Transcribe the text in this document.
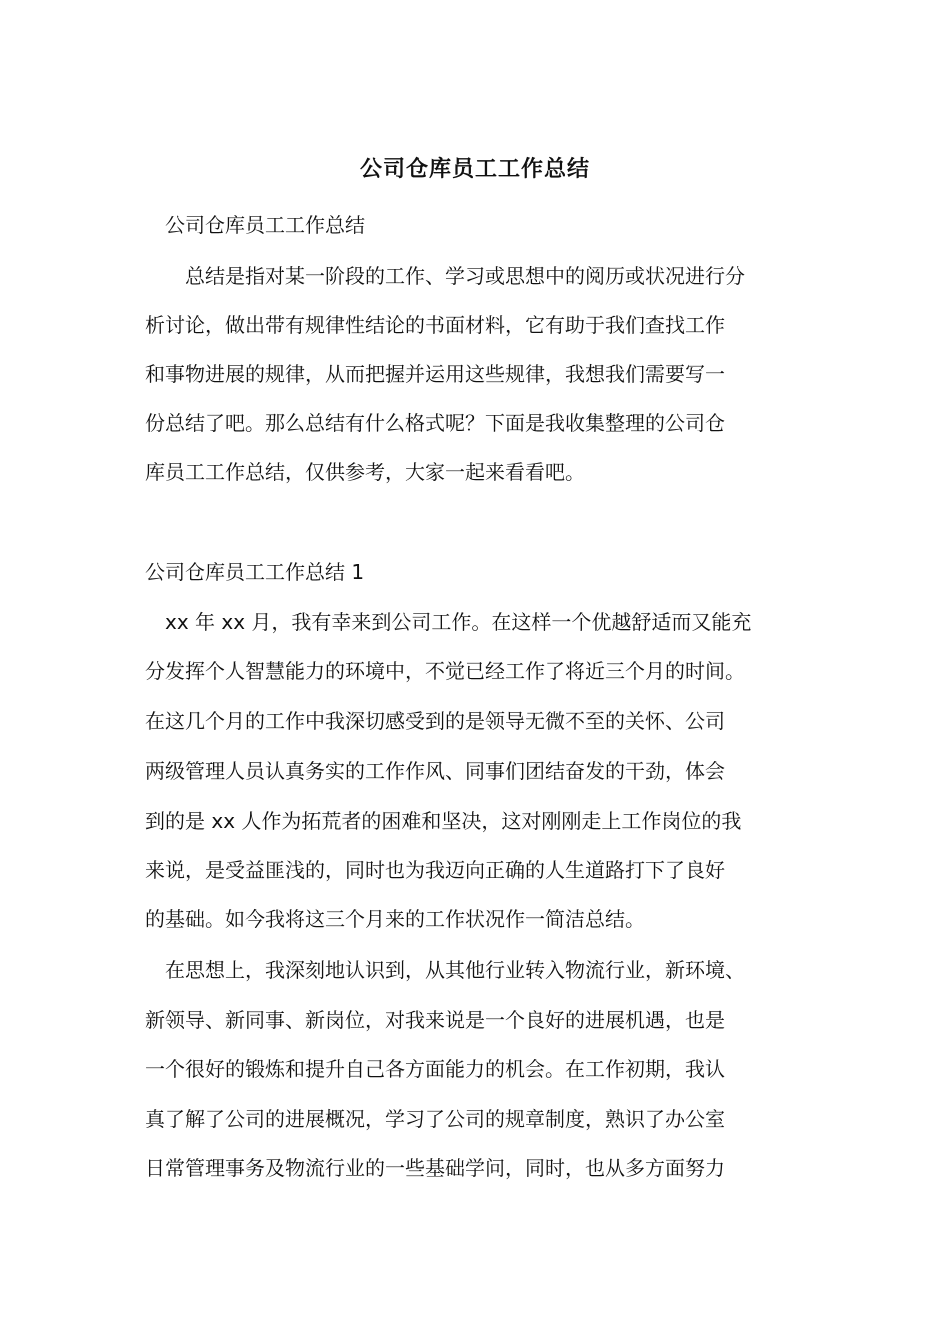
公司仓库员工工作总结
　公司仓库员工工作总结
　　总结是指对某一阶段的工作、学习或思想中的阅历或状况进行分
析讨论，做出带有规律性结论的书面材料，它有助于我们查找工作
和事物进展的规律，从而把握并运用这些规律，我想我们需要写一
份总结了吧。那么总结有什么格式呢？下面是我收集整理的公司仓
库员工工作总结，仅供参考，大家一起来看看吧。
公司仓库员工工作总结 1
　xx 年 xx 月，我有幸来到公司工作。在这样一个优越舒适而又能充
分发挥个人智慧能力的环境中，不觉已经工作了将近三个月的时间。
在这几个月的工作中我深切感受到的是领导无微不至的关怀、公司
两级管理人员认真务实的工作作风、同事们团结奋发的干劲，体会
到的是 xx 人作为拓荒者的困难和坚决，这对刚刚走上工作岗位的我
来说，是受益匪浅的，同时也为我迈向正确的人生道路打下了良好
的基础。如今我将这三个月来的工作状况作一简洁总结。
　在思想上，我深刻地认识到，从其他行业转入物流行业，新环境、
新领导、新同事、新岗位，对我来说是一个良好的进展机遇，也是
一个很好的锻炼和提升自己各方面能力的机会。在工作初期，我认
真了解了公司的进展概况，学习了公司的规章制度，熟识了办公室
日常管理事务及物流行业的一些基础学问，同时，也从多方面努力
